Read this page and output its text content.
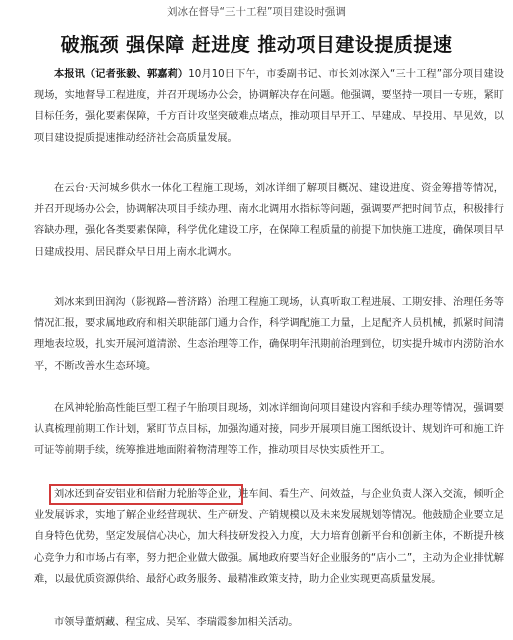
刘冰在督导“三十工程”项目建设时强调
破瓶颈 强保障 赶进度 推动项目建设提质提速

本报讯（记者张毅、郭嘉莉）10月10日下午，市委副书记、市长刘冰深入“三十工程”部分项目建设现场，实地督导工程进度，并召开现场办公会，协调解决存在问题。他强调，要坚持一项目一专班，紧盯目标任务，强化要素保障，千方百计攻坚突破难点堵点，推动项目早开工、早建成、早投用、早见效，以项目建设提质提速推动经济社会高质量发展。

在云台·天河城乡供水一体化工程施工现场，刘冰详细了解项目概况、建设进度、资金筹措等情况，并召开现场办公会，协调解决项目手续办理、南水北调用水指标等问题，强调要严把时间节点，积极排行容缺办理，强化各类要素保障，科学优化建设工序，在保障工程质量的前提下加快施工进度，确保项目早日建成投用、居民群众早日用上南水北调水。

刘冰来到田润沟（影视路—普济路）治理工程施工现场，认真听取工程进展、工期安排、治理任务等情况汇报，要求属地政府和相关职能部门通力合作，科学调配施工力量，上足配齐人员机械，抓紧时间清理地表垃圾，扎实开展河道清淤、生态治理等工作，确保明年汛期前治理到位，切实提升城市内涝防治水平，不断改善水生态环境。

在风神轮胎高性能巨型工程子午胎项目现场，刘冰详细询问项目建设内容和手续办理等情况，强调要认真梳理前期工作计划，紧盯节点目标，加强沟通对接，同步开展项目施工图纸设计、规划许可和施工许可证等前期手续，统筹推进地面附着物清理等工作，推动项目尽快实质性开工。

刘冰还到奋安铝业和倍耐力轮胎等企业，进车间、看生产、问效益，与企业负责人深入交流，倾听企业发展诉求，实地了解企业经营现状、生产研发、产销规模以及未来发展规划等情况。他鼓励企业要立足自身特色优势，坚定发展信心决心，加大科技研发投入力度，大力培育创新平台和创新主体，不断提升核心竞争力和市场占有率，努力把企业做大做强。属地政府要当好企业服务的“店小二”，主动为企业排忧解难，以最优质资源供给、最舒心政务服务、最精准政策支持，助力企业实现更高质量发展。

市领导董炳藏、程宝成、吴军、李瑞霞参加相关活动。
